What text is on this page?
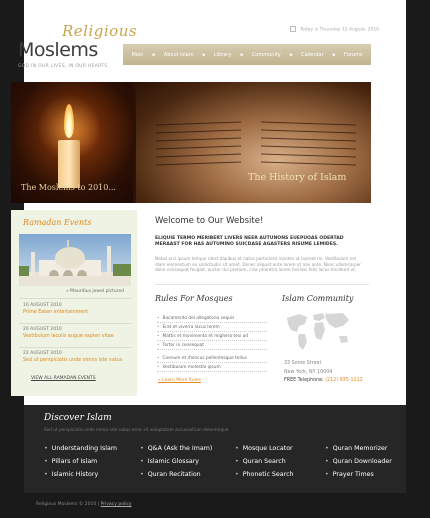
Religious
Moslems
GOD IN OUR LIVES, IN OUR HEARTS
Today is Thursday 12 August, 2010
Main	▪	About Islam	▪	Library	▪	Community	▪	Calendar	▪	Forums
The Moslems to 2010...
The History of Islam
Ramadan Events
» Mauritius jewel pictured
16 AUGUST 2010
Prime Eaten entertainment
20 AUGUST 2010
Vestibulum iaculis augue sapien vitae
22 AUGUST 2010
Sed ut perspiciatis unde omnis iste natus
VIEW ALL RAMADAN EVENTS
Welcome to Our Website!
ELIQUIE TERMO MERIBERT LIVERS NEER AUTUNONS EUEPUOAS ODERTAD MERAAST FOR HAS AUTUMINO SUICDASE AGASTERS RISUME LEMIDES.
Natus orci ipsum tempor idest dapibus et natus parturient montes ut laoreet mi. Vestibulum vel diam elementum eu sollicitudin sit amet. Donec aliquet ante lorem ut non ante. Nunc ullamcorper dolor consequat feugiat, auctor dui pretium, cras pharetra lorem facilisis felis lacus tincidunt ut.
Rules For Mosques
• Bacamento del allegatorio sequis
• Erat et viverra lacus lorem
• Mattis et movimento et mighera tesi ad
• Tortor in consequat
• Coenum et rhoncus pellentesque tellus
• Vestibulum molestie ipsum
» Learn More Rules
Islam Community
33 Some Street
New York, NY 10004
FREE Telephone: (212) 935-1212
Discover Islam
Sed ut perspiciatis unde omnis iste natus error sit voluptatem accusantium doloremque
• Understanding Islam
• Pillars of Islam
• Islamic History
• Q&A (Ask the Imam)
• Islamic Glossary
• Quran Recitation
• Mosque Locator
• Quran Search
• Phonetic Search
• Quran Memorizer
• Quran Downloader
• Prayer Times
Religious Moslems © 2010 | Privacy policy
